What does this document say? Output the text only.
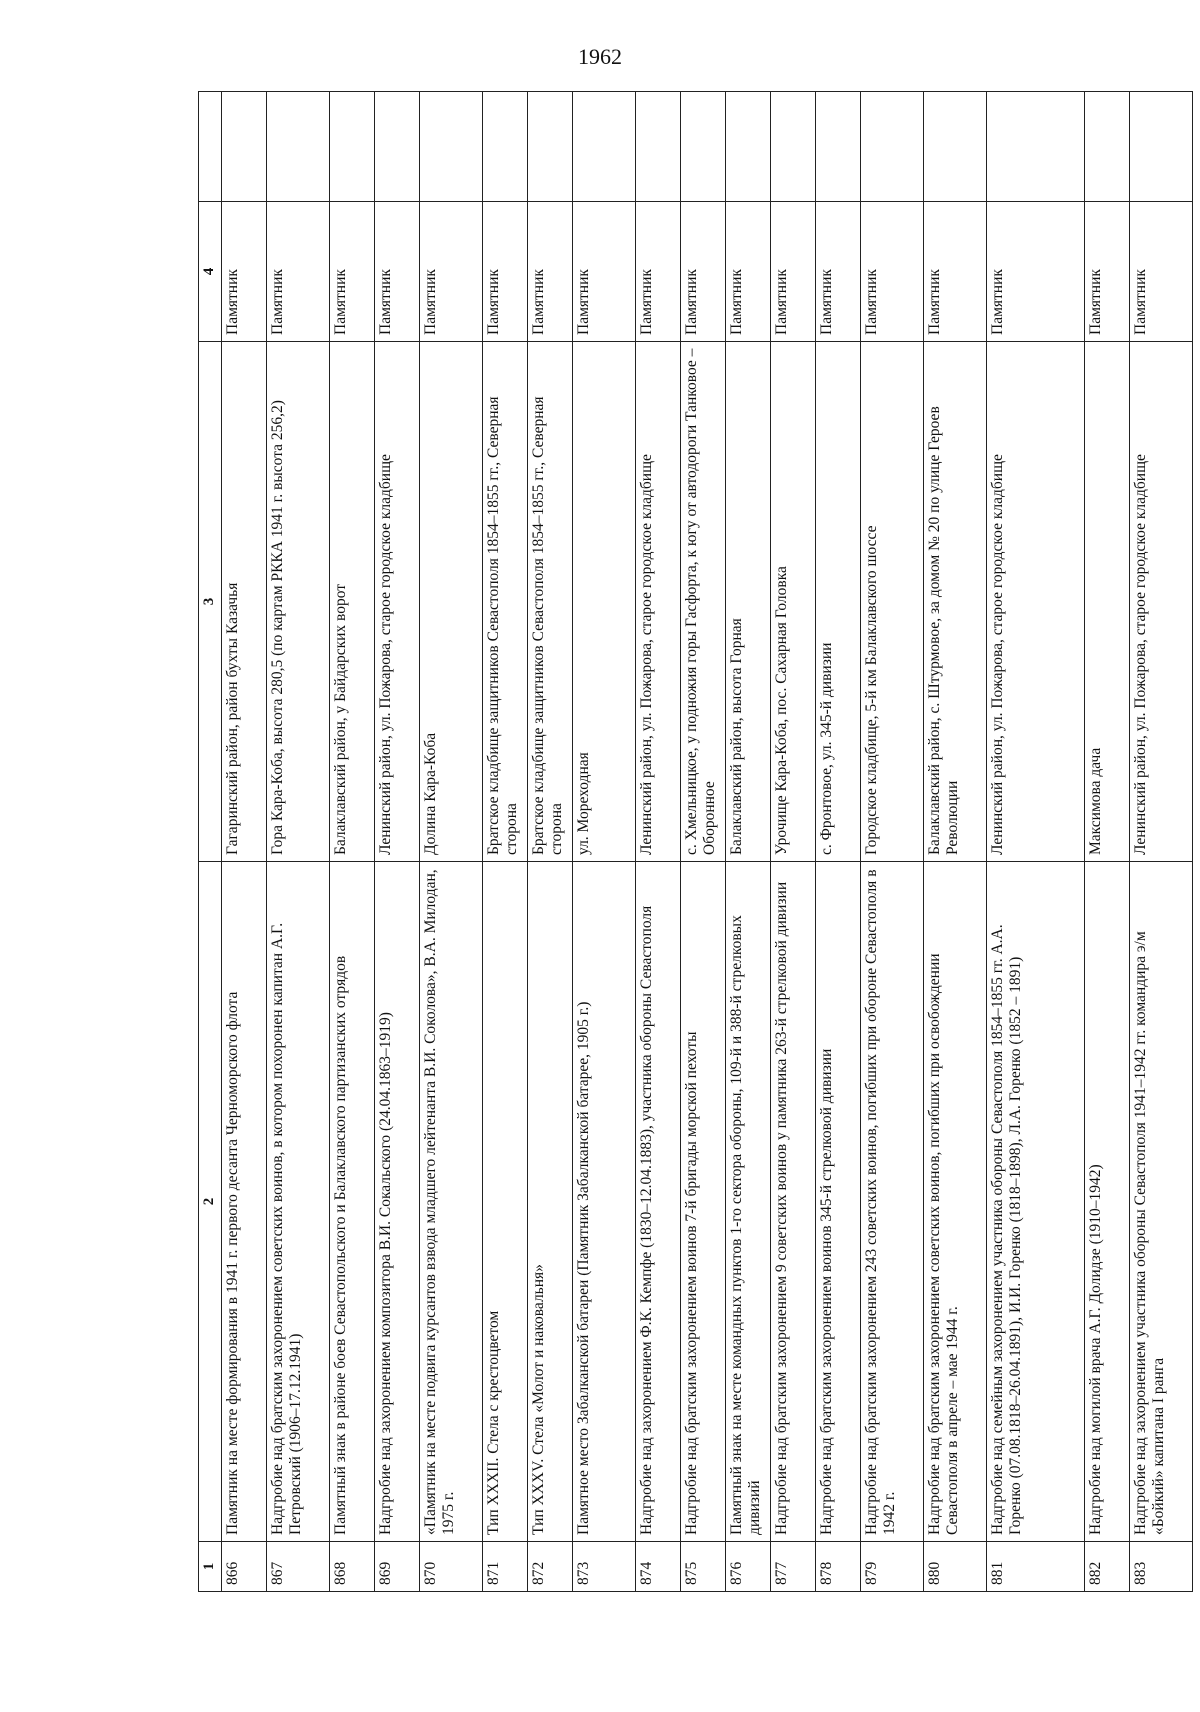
1962
1	2	3	4	
866	Памятник на месте формирования в 1941 г. первого десанта Черноморского флота	Гагаринский район, район бухты Казачья	Памятник	
867	Надгробие над братским захоронением советских воинов, в котором похоронен капитан А.Г. Петровский (1906–17.12.1941)	Гора Кара-Коба, высота 280,5 (по картам РККА 1941 г. высота 256,2)	Памятник	
868	Памятный знак в районе боев Севастопольского и Балаклавского партизанских отрядов	Балаклавский район, у Байдарских ворот	Памятник	
869	Надгробие над захоронением композитора В.И. Сокальского (24.04.1863–1919)	Ленинский район, ул. Пожарова, старое городское кладбище	Памятник	
870	«Памятник на месте подвига курсантов взвода младшего лейтенанта В.И. Соколова», В.А. Милодан, 1975 г.	Долина Кара-Коба	Памятник	
871	Тип XXXII. Стела с крестоцветом	Братское кладбище защитников Севастополя 1854–1855 гг., Северная сторона	Памятник	
872	Тип XXXV. Стела «Молот и наковальня»	Братское кладбище защитников Севастополя 1854–1855 гг., Северная сторона	Памятник	
873	Памятное место Забалканской батареи (Памятник Забалканской батарее, 1905 г.)	ул. Мореходная	Памятник	
874	Надгробие над захоронением Ф.К. Кемпфе (1830–12.04.1883), участника обороны Севастополя	Ленинский район, ул. Пожарова, старое городское кладбище	Памятник	
875	Надгробие над братским захоронением воинов 7-й бригады морской пехоты	с. Хмельницкое, у подножия горы Гасфорта, к югу от автодороги Танковое – Оборонное	Памятник	
876	Памятный знак на месте командных пунктов 1-го сектора обороны, 109-й и 388-й стрелковых дивизий	Балаклавский район, высота Горная	Памятник	
877	Надгробие над братским захоронением 9 советских воинов у памятника 263-й стрелковой дивизии	Урочище Кара-Коба, пос. Сахарная Головка	Памятник	
878	Надгробие над братским захоронением воинов 345-й стрелковой дивизии	с. Фронтовое, ул. 345-й дивизии	Памятник	
879	Надгробие над братским захоронением 243 советских воинов, погибших при обороне Севастополя в 1942 г.	Городское кладбище, 5-й км Балаклавского шоссе	Памятник	
880	Надгробие над братским захоронением советских воинов, погибших при освобождении Севастополя в апреле – мае 1944 г.	Балаклавский район, с. Штурмовое, за домом № 20 по улице Героев Революции	Памятник	
881	Надгробие над семейным захоронением участника обороны Севастополя 1854–1855 гг. А.А. Горенко (07.08.1818–26.04.1891), И.И. Горенко (1818–1898), Л.А. Горенко (1852 – 1891)	Ленинский район, ул. Пожарова, старое городское кладбище	Памятник	
882	Надгробие над могилой врача А.Г. Долидзе (1910–1942)	Максимова дача	Памятник	
883	Надгробие над захоронением участника обороны Севастополя 1941–1942 гг. командира э/м «Бойкий» капитана I ранга	Ленинский район, ул. Пожарова, старое городское кладбище	Памятник	
